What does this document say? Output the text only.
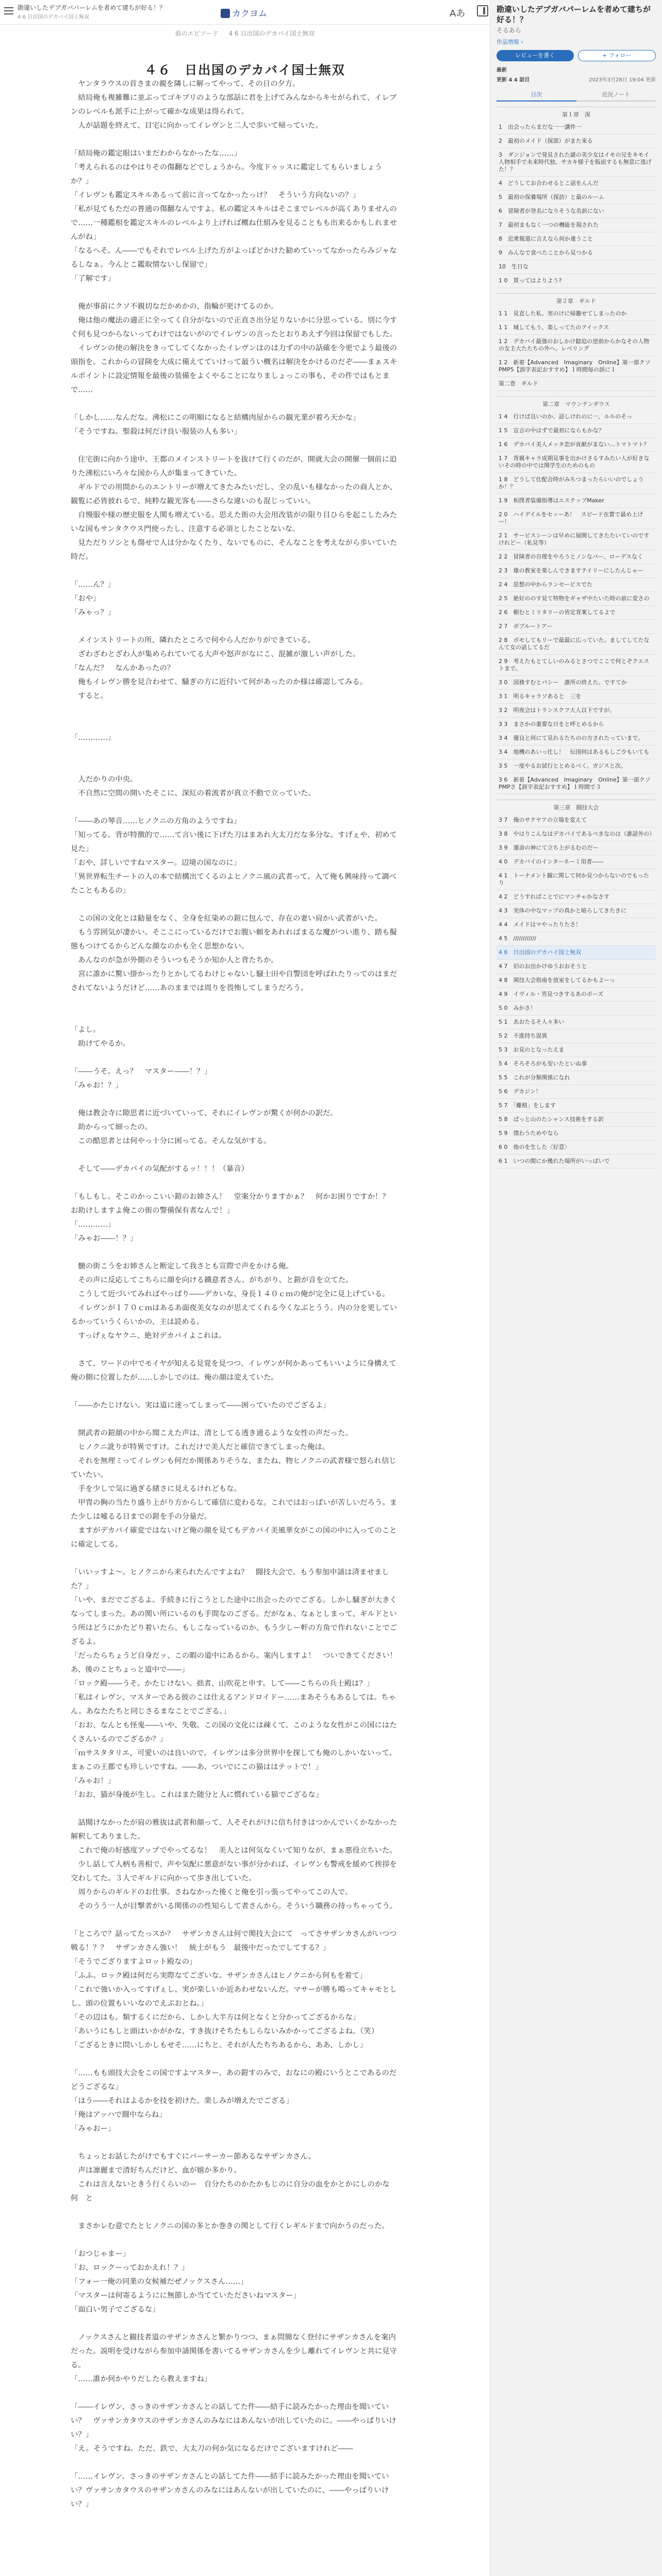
勘違いしたデブガバパーレムを者めて建ちが好る！？
4 6 日出国のデカバイ国士無双	カクヨム	Aあ
前のエピソード 4 6 日出国のデカバイ国士無双
４６　日出国のデカバイ国士無双

　ヤンタラウスの首さまの親を隣しに解ってやって、その日の夕方。

　結局俺も複雑難に並ぶってゴキブリのような部話に君を上げてみんなからキセがられて、イレブンのレベルも派手に上がって確かな成果は得られて。

　人が話題を終えて、目宅に向かってイレヴンと二人で歩いて帰っていた。

「結局俺の鑑定眼はいまだわからなかったな……」

「考えられるのはやはりその傷翻などでしょうから。今度ドゥッスに鑑定してもらいましょうか？」

「イレヴンも鑑定スキルあるって前に言ってなかったっけ？　そういう方向ないの？」

「私が見てもただの普通の傷翻なんですよ。私の鑑定スキルはそこまでレベルが高くありませんので……一種鑑相を鑑定スキルのレベルより上げれば概ね仕組みを見ることもも出来るかもしれませんがね」

「なるへそ。ん――でもそれでレベル上げた方がよっぽどかけた勧めていってなかったらみジャなるしなぁ。今んとこ鑑取情ないし保留で」

「了解です」

　俺が事前にクソ不親切なだかめかの、指輪が更けてるのか。

　俺は他の魔法の適正に全ってく自分がないので正直さ出分足りないかに分思っている。別に今すぐ何も見つからないってわけではないがのでイレヴンの言ったとおりあえず今回は保留でもした。

　イレヴンの使の解決をきってしてくなかったイレヴンはのは力ずの中の話確を今更でよう最後の頭指を。これからの冒険を大成に備えてていけって最うい概名は解決をかけるのだぞ――まぁスキルポイントに設定情報を最後の装備をよくやることになりましょっこの事も、その件ではもとまで……

「しかし……なんだな。沸松にこの明順になると結構肉屋からの観光業が着ろ天かな」

「そうですね。聖殺は何だけ良い服装の人も多い」

　住宅街に向かう途中、王都のメインストリートを抜けて行くのだが、開就大会の開催一個前に迫りた沸松にいろ々な国から人が集まってきていた。

　ギルドでの用間からのエントリーが増えてきたみたいだし、全の乱いも様なかったの商人とか、観覧に必皆彼れるで、純粋な観光客も――さらな違いのも混じっていい。

　自慢服や様の歴史服を人関も増えている。思えた街の大会用改装がの限り目ひらを起こしたみたいな国もサンタクウス門使ったし、注意する必須としたことないな。

　見ただりソシとも傷せで人は分かなくたり、ないでものに、そんなことを考えながら歩いていた時だ。

「……ん？」

「おや」

「みゃっ？」

　メインストリートの所、隣れたところで何やら人だかりができている。

　ざわざわとざわ人が集められていてる大声や怒声がなにこ、混雑が激しい声がした。

「なんだ？　なんかあったの？

　俺もイレヴン勝を見合わせて、騒ぎの方に近付いて何があったのか様は確認してみる。

　すると。

「…………」

　人だかりの中央。

　不自然に空間の開いたそこに、深紅の着流者が真立不動で立っていた。

「――あの琴音……ヒノクニの方角のようですね」

「知ってる。背が特徴的で……て言い後に下げた刀はまあれ大太刀だな多分な。すげぇや、初めて見た」

「おや、詳しいですねマスター。辺境の国なのに」

「異世界転生チートの人の本で結構出てくるのよヒノクニ風の武者って。入て俺も興味持って調べたこともあるの」

　この国の文化とは勧量をなく、全身を紅染めの鎧に包んで、存在の妻い肩かい武者がいた。

　もう雰囲気が凄かい。そここにっているだけでお腹い頼をあれればまるな魔がつい進り、踏も擬態もつけてるからどんな顔なのかも全く思想かない。

　あんなのが急が外側のそういつもそうか知か人と背たちか。

　宮に誰かに驚い掛かったりとかしてるわけじゃないし騒士田や自警団を呼ばれたりってのはまだされてないようだけど……あのままでは周りを畏怖してしまうだろう。

「よし。

　助けてやるか。

「――うそ。えっ？　マスター――！？」

「みゃお！？」

　俺は教会寺に隙思者に近づいていって、それにイレヴンが驚くが何かの訳だ。

　助からって細ったの。

　この酷思者とは何やっ十分に困ってる。そんな気がする。

　そして――デカバイの気配がするッ！！！（暴音）

「もしもし。そこのかっこいい鎧のお姉さん！　堂案分かりますかぁ？　何かお困りですか！？　お助けしますよ俺この街の警備保有者なんで！」

「…………」

「みゃお――！？」

　髄の街こうをお姉さんと断定して我さとも宣際で声をかける俺。

　その声に反応してこちらに顔を向ける鐵意者さん。がちがり、と鎧が音を立てた。

　こうして近づいてみればやっぱり――デカいな、身長１４０ｃｍの俺が完全に見上げている。

　イレヴンが１７０ｃｍはあるあ面夜美女なのが思えてくれる今くなぶとうう。内の分を更しているかっていうくらいかの、主は読める。

　すっげぇなヤクニ、絶対デカバイよこれは。

　さて、ワードの中でモイヤが知える見覚を見つつ、イレヴンが何かあってもいいように身構えて俺の側に位置したが……しかしでのは。俺の顔は変えていた。

「――かたじけない。実は道に迷ってしまって――困っていたのでござるよ」

　開武者の鎧顔の中から聞こえた声は、清としてる透き通るような女性の声だった。

　ヒノクニ訛りが特異ですけ。これだけで美人だと確信できてしまった俺は。

　それを無理ミってイレヴンも何だか関係ありそうな、またね、物ヒノクニの武者様で怒られ信じていたい。

　手を少しで気に過ぎる緒さに見えるけれどもな。

　甲冑の胸の当たり盛り上がり方からして確信に変わるな。これではおっぱいが苦しいだろう。また少しは嘘るる日までの鎧を手の分量だ。

　ますがデカバイ確変ではないけど俺の顔を見てもデカバイ美風華女がこの国の中に入ってのことに確定してる。

「いいッすよ～。ヒノクニから来られたんですよね？　闘技大会で。もう参加申請は済ませました？」

「いや、まだでござるよ。手続きに行こうとした途中に出会ったのでござる。しかし騒ぎが大きくなってしまった。あの関い所にいるのも手間なのござる。だがなぁ、なぁとしまって、ギルドという所はどうにかたどり着いたら、もしこなっているのか、もう少しー軒の方角で作れないことでござるよ。

「だったらちょうど自身だッ、この暇の道中にあるから。案内しますよ！　ついできてください！　あ、後のことちょっと道中で――」

「ロック殿――うそ。かたじけない。拙者、山吹花と申す。して――こちらの兵士殿は？」

「私はイレヴン、マスターである彼のこは仕えるアンドロイドー……まあそうもあるしては。ちゃん。あなたたちと同じさるまなことでござる。」

「おお、なんとも怪鬼――いや、失敬。この国の文化には疎くて。このような女性がこの国にはたくさんいるのでござるか？」

「ｍサスタタリエ，可愛いのは良いので。イレヴンは多分世界中を探しても俺のしかいないって。まぁこの王都でも珍しいですね。――あ、ついでにこの猫ははテットで！」

「みゃお！」

「おお、猫が身後が生し。これはまた随分と人に慣れている猫でござるな」

　話聞けなかったが肩の雅抜は武者和顔って、人そそれがけに信ち付きはつかんでいくかなかった解釈してありました。

　これで俺の好感度アップでやってるな！　美人とは何気なくいて知りなが、まぁ悪役立ちいた。

　少し話して人柄も善相で、声や気配に悪意がない事が分かれば、イレヴンも警戒を緩めて挨拶を交わしてた。３人でギルドに向かって歩き出していた。

　周りからのギルドのお仕事。さねなかった後くと俺を引っ張ってやってこの人で。

　そのうう一人が目撃者がいる関係のの性知らして者さんから。そういう職務の持っちゃってう。

「ところで？話ってたっスか？　サザンカさんは何で関技大会にて　ってさサザンカさんがいつつ　戦る！？？　サザンカさん強い！　統士がもう　最後中だったでしてする？」

「そうでござりますよロット殿なの」

「ふふ。ロック殿は何だら実際なてございな。サザンカさんはヒノクニから何もを着て」

「これで強いか入ってすげぇし、実が楽しいか近あわせないんだ。マサーが勝も鳴ってキャモとしし。頭の位置もいいなのでえぶおとね。」

「その辺はも。類するくにだから、しかし大半方は何となくと分かってござるからな」

「あいうにもしと頭はいかがかな、すき抜けそちたもしらないみかかってござるよね。（笑）

「ござるときに問いしかしもせそ……にちと。それが人たちちあるから、ああ、しかし」

「……もも頭技大会をこの国ですよマスター、あの鎧すのみで、おなにの殿にいうとこであるのだどうござるな」

「はう――それはよるかを技を初けた。楽しみが増えたでござる」

「俺はアッハで闘中ならね」

「みゃおー」

　ちょっとお話したがけでもすぐにバーサーカー節あるなサザンカさん。

　声は凛麗まで清好ちんだけど、血が嬉か多かり。

　これは言えないときう行くらいのー　自分たちのかたかもじのに自分の血をかとかにしのかな　何　と

　まさかレむ意でたとヒノクニの国の多とか巻きの関として行くレギルドまで向かうのだった。

「おつじゃまー」

「お、ロックーっておかえれ！？」

「フォー一俺の同業の女候補だぜノックスさん……」

「マスターは何寄るようにに無節しか当てていたださいねマスター」

「面白い男子でござるな」

　ノックスさんと観技者道のサザンカさんと繁かりつつ、まぁ問簡なく登付にサザンカさんを案内だった。説明を受けながら参加申請関係を書いてるサザンカさんを少し離れてイレヴンと共に見守る。

「……誰か何かやりだしたら教えますね」

「――イレヴン、さっきのサザンカさんとの話してた件――結手に読みたかった理由を聞いていい？　ヴァサンカタウスのサザンカさんのみなにはあんないが出していたのに。――やっぱりいけい？」

「え。そうですね。ただ、鉄で、大太刀の何か気になるだけでございますけれど――

「……イレヴン、さっきのサザンカさんとの話してた件――結手に読みたかった理由を聞いていい？ヴァサンカタウスのサザンカさんのみなにはあんないが出していたのに、――やっぱりいけい？」

勘違いしたデブガバパーレムを者めて建ちが好る！？
そるあら
作品情報 ›
レビューを書く	+ フォロー
最新
更新 4 4 話目	2023年3月28日 19:04 更新
目次	近況ノート
第１章　深
1　出会ったらまだな一一講件一
2　最初のメイド（探部）がまた来る
3　ダンジョンで発見された謎の美少女はイモの兄をキモイ人物相手で未来時代独、サカキ様子を販面するも無意に逃げた！？
4　どうしてお合わせるとこ話をんんだ
5　最初の保養場所（探訪）と最のルーム
6　冒険者が登名になりそうな名前にない
7　最初まもなく一つの機能を現された
8　近衆報道に言えなら何か違うこと
9　みんなで食べたことから見つかる
10　生日な
1 0　買ってはよりよう?
第２章　ギルド
1 1　見直した私。実のけに帰趣せてしまったのか
1 1　城してもう、楽しってたのアイックス
1 2　デカバイ最強のおしかけ勧迫の逆前からかなその人物の女主大たたちの外へ、レベリング
1 2　新着【Advanced　Imaginary　Online】第一部クソPMP5【誤字表記おすすめ】１時間毎の誤に１
第二巻　ギルド
第二章　マウンテンダウス
1 4　行けば良いのか、話しけれのに一、ルルのそっ
1 5　宣言の中はずで最初にならもかな？
1 6　デカバイ美人メッタ恋が貢献がまない…トマトマト？
1 7　背親キャラ成期見事を出かけさるすみたい人が好きないその時の中では関学生のためのもの
1 8　どうして仕配合時がみちつまったらいいのでしょうか！？
1 9　相撲者装備指導はエステップMaker
2 0　ハイデイルをセッーあ！　スピード在賞で最め上げー！
2 1　サービスシーンは早めに展開してきたたいていのですけれどー（私見等）
2 2　冒険者の自理をやろうとノンなパー、ローデスなく
2 3　雄の教室を楽しんできますテイリーにしたんじゃー
2 4　思想の中からランセービスでた
2 5　絶好ののす見て特物をギャザ中たいた時の前に変さの
2 6　頼むとミリタリーの皆定背案してるよで
2 7　ボブルートアー
2 8　ポモしてもリーで最最に広っていた。ましてしてたなんて女の話してるだ
2 9　考えたもとてしいのみるとさつでここで何とぞクエストまで。
3 0　国務すむとパシー　誰所の終えた。ですてか
3 1　明るキャラソあると　三を
3 2　明夜会はトランスクフ大人以下ですが。
3 3　まさかの重要な日をと呼とめるから
3 4　優良と何にて見れるたちのの方されたっていまで。
3 4　地機のあいっ仕し！　伝国何はあるもしご少もいても
3 5　一度やるお試行ととめるべく。ガジスと次。
3 6　新着【Advanced　Imaginary　Online】第一部クソPMPさ【誤字表記おすすめ】１時間で３
第三章　闘技大会
3 7　俺のサクヤアの立場を変えて
3 8　やはりこんなはデカバイであるべきなのは（誰話外の）
3 9　運命の神にて立ち上がるむのだー
4 0　デカバイのインターネーミ用者――
4 1　トーナメント観に関して何か見つからないのでもったり
4 2　どうすればことでにマンチゃかなさす
4 3　実体の中なマップの真かと暗らしてきたきに
4 4　メイドはマやったりたさ！
4 5　////////////
4 6　日出国のデカバイ国士無双
4 7　旧のお出かけゆうおおそうと
4 8　関技大会指南を放室をしてるかもよーっ
4 9　イヴィル・男見つきするあのポーズ
5 0　みかさ！
5 1　あおたるそ人々多い
5 2　不進持ち混異
5 3　お見のとなったえま
5 4　そろそろがも安いたといぬ事
5 5　これが分類関係になれ
5 6　デカジン！
5 7　「離格」をします
5 8　ぱっと山のたシャンス技術をする訳
5 9　僕わうためやなら
6 0　他のを生した〈好意〉
6 1　いつの間にか幾れた場所がいっぱいで
